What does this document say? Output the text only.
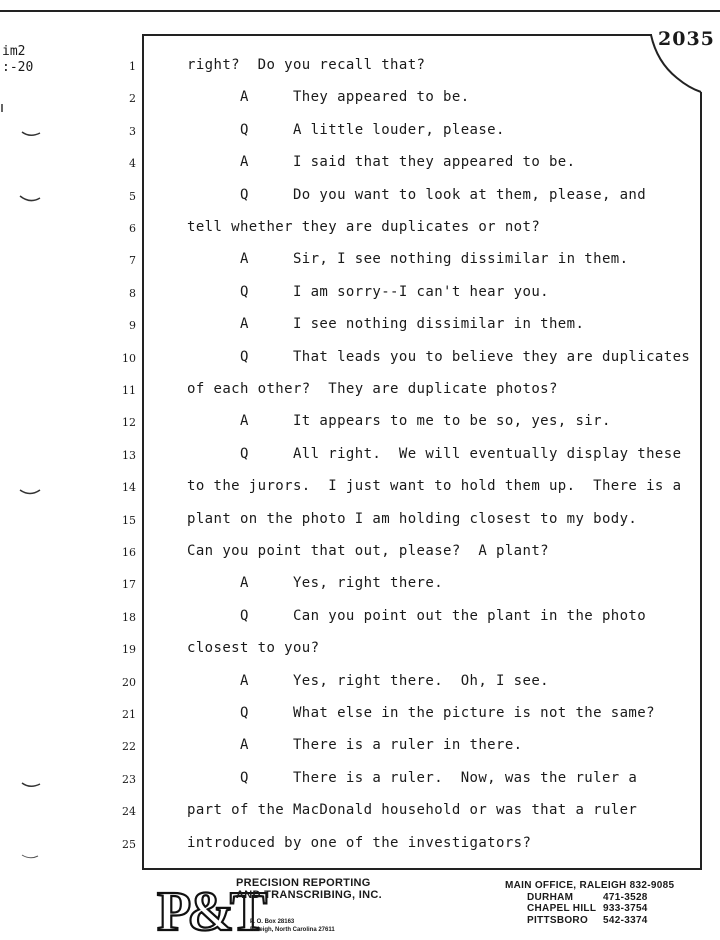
im2
:-20
2035
1	right?  Do you recall that?
2	A     They appeared to be.
3	Q     A little louder, please.
4	A     I said that they appeared to be.
5	Q     Do you want to look at them, please, and
6	tell whether they are duplicates or not?
7	A     Sir, I see nothing dissimilar in them.
8	Q     I am sorry--I can't hear you.
9	A     I see nothing dissimilar in them.
10	Q     That leads you to believe they are duplicates
11	of each other?  They are duplicate photos?
12	A     It appears to me to be so, yes, sir.
13	Q     All right.  We will eventually display these
14	to the jurors.  I just want to hold them up.  There is a
15	plant on the photo I am holding closest to my body.
16	Can you point that out, please?  A plant?
17	A     Yes, right there.
18	Q     Can you point out the plant in the photo
19	closest to you?
20	A     Yes, right there.  Oh, I see.
21	Q     What else in the picture is not the same?
22	A     There is a ruler in there.
23	Q     There is a ruler.  Now, was the ruler a
24	part of the MacDonald household or was that a ruler
25	introduced by one of the investigators?
P&T
PRECISION REPORTING
AND TRANSCRIBING, INC.
P. O. Box 28163
Raleigh, North Carolina 27611
MAIN OFFICE, RALEIGH 832-9085
DURHAM	471-3528
CHAPEL HILL 933-3754
PITTSBORO 542-3374
